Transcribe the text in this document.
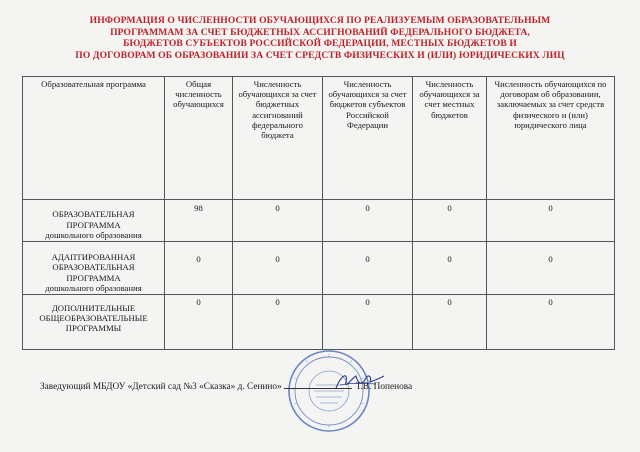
ИНФОРМАЦИЯ О ЧИСЛЕННОСТИ ОБУЧАЮЩИХСЯ ПО РЕАЛИЗУЕМЫМ ОБРАЗОВАТЕЛЬНЫМ
ПРОГРАММАМ ЗА СЧЕТ БЮДЖЕТНЫХ АССИГНОВАНИЙ ФЕДЕРАЛЬНОГО БЮДЖЕТА,
БЮДЖЕТОВ СУБЪЕКТОВ РОССИЙСКОЙ ФЕДЕРАЦИИ, МЕСТНЫХ БЮДЖЕТОВ И
ПО ДОГОВОРАМ ОБ ОБРАЗОВАНИИ ЗА СЧЕТ СРЕДСТВ ФИЗИЧЕСКИХ И (ИЛИ) ЮРИДИЧЕСКИХ ЛИЦ
Образовательная программа	Общая численность обучающихся	Численность обучающихся за счет бюджетных ассигнований федерального бюджета	Численность обучающихся за счет бюджетов субъектов Российской Федерации	Численность обучающихся за счет местных бюджетов	Численность обучающихся по договорам об образовании, заключаемых за счет средств физического и (или) юридического лица

ОБРАЗОВАТЕЛЬНАЯ ПРОГРАММА
дошкольного образования	98	0	0	0	0

АДАПТИРОВАННАЯ ОБРАЗОВАТЕЛЬНАЯ ПРОГРАММА
дошкольного образования	0	0	0	0	0

ДОПОЛНИТЕЛЬНЫЕ ОБЩЕОБРАЗОВАТЕЛЬНЫЕ ПРОГРАММЫ	0	0	0	0	0
Заведующий МБДОУ «Детский сад №3 «Сказка» д. Сенино»	Т.В. Попенова
